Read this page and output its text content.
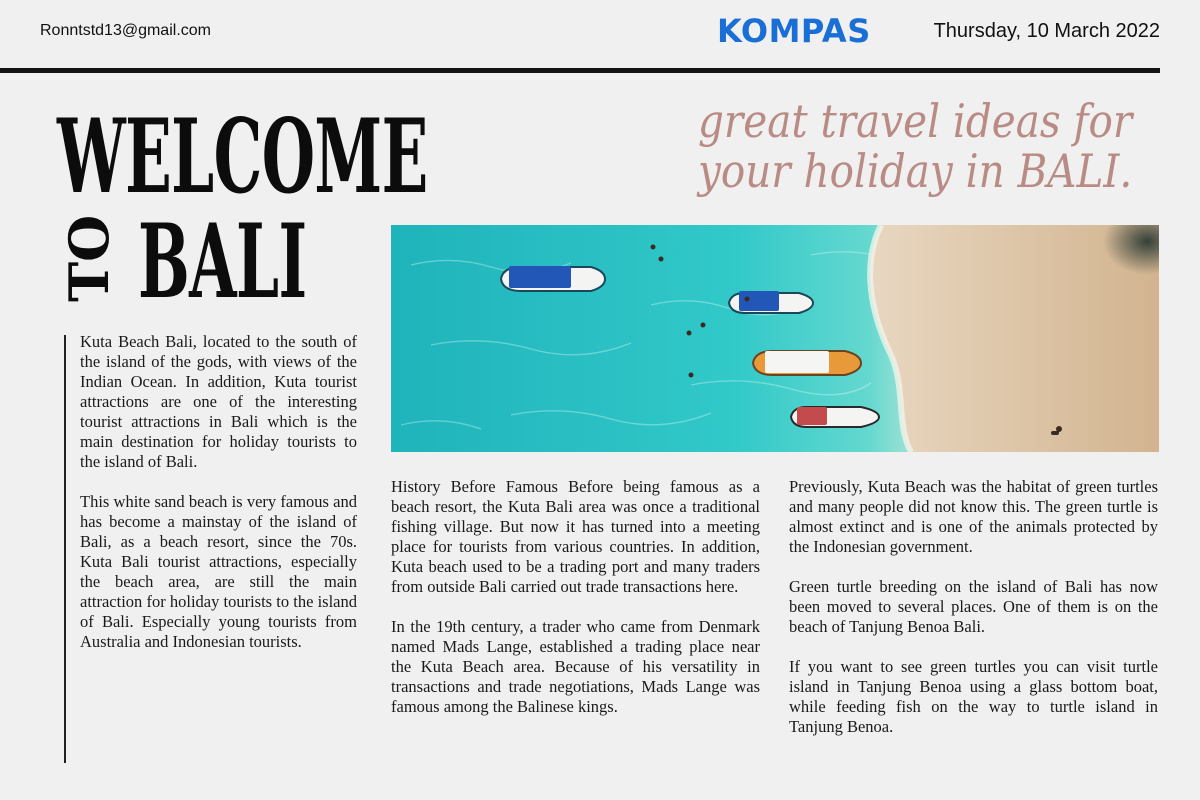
Ronntstd13@gmail.com	KOMPAS	Thursday, 10 March 2022
WELCOME
TO BALI
great travel ideas for
your holiday in BALI.

Kuta Beach Bali, located to the south of the island of the gods, with views of the Indian Ocean. In addition, Kuta tourist attractions are one of the interesting tourist attractions in Bali which is the main destination for holiday tourists to the island of Bali.

This white sand beach is very famous and has become a mainstay of the island of Bali, as a beach resort, since the 70s. Kuta Bali tourist attractions, especially the beach area, are still the main attraction for holiday tourists to the island of Bali. Especially young tourists from Australia and Indonesian tourists.

History Before Famous Before being famous as a beach resort, the Kuta Bali area was once a traditional fishing village. But now it has turned into a meeting place for tourists from various countries. In addition, Kuta beach used to be a trading port and many traders from outside Bali carried out trade transactions here.

In the 19th century, a trader who came from Denmark named Mads Lange, established a trading place near the Kuta Beach area. Because of his versatility in transactions and trade negotiations, Mads Lange was famous among the Balinese kings.

Previously, Kuta Beach was the habitat of green turtles and many people did not know this. The green turtle is almost extinct and is one of the animals protected by the Indonesian government.

Green turtle breeding on the island of Bali has now been moved to several places. One of them is on the beach of Tanjung Benoa Bali.

If you want to see green turtles you can visit turtle island in Tanjung Benoa using a glass bottom boat, while feeding fish on the way to turtle island in Tanjung Benoa.
